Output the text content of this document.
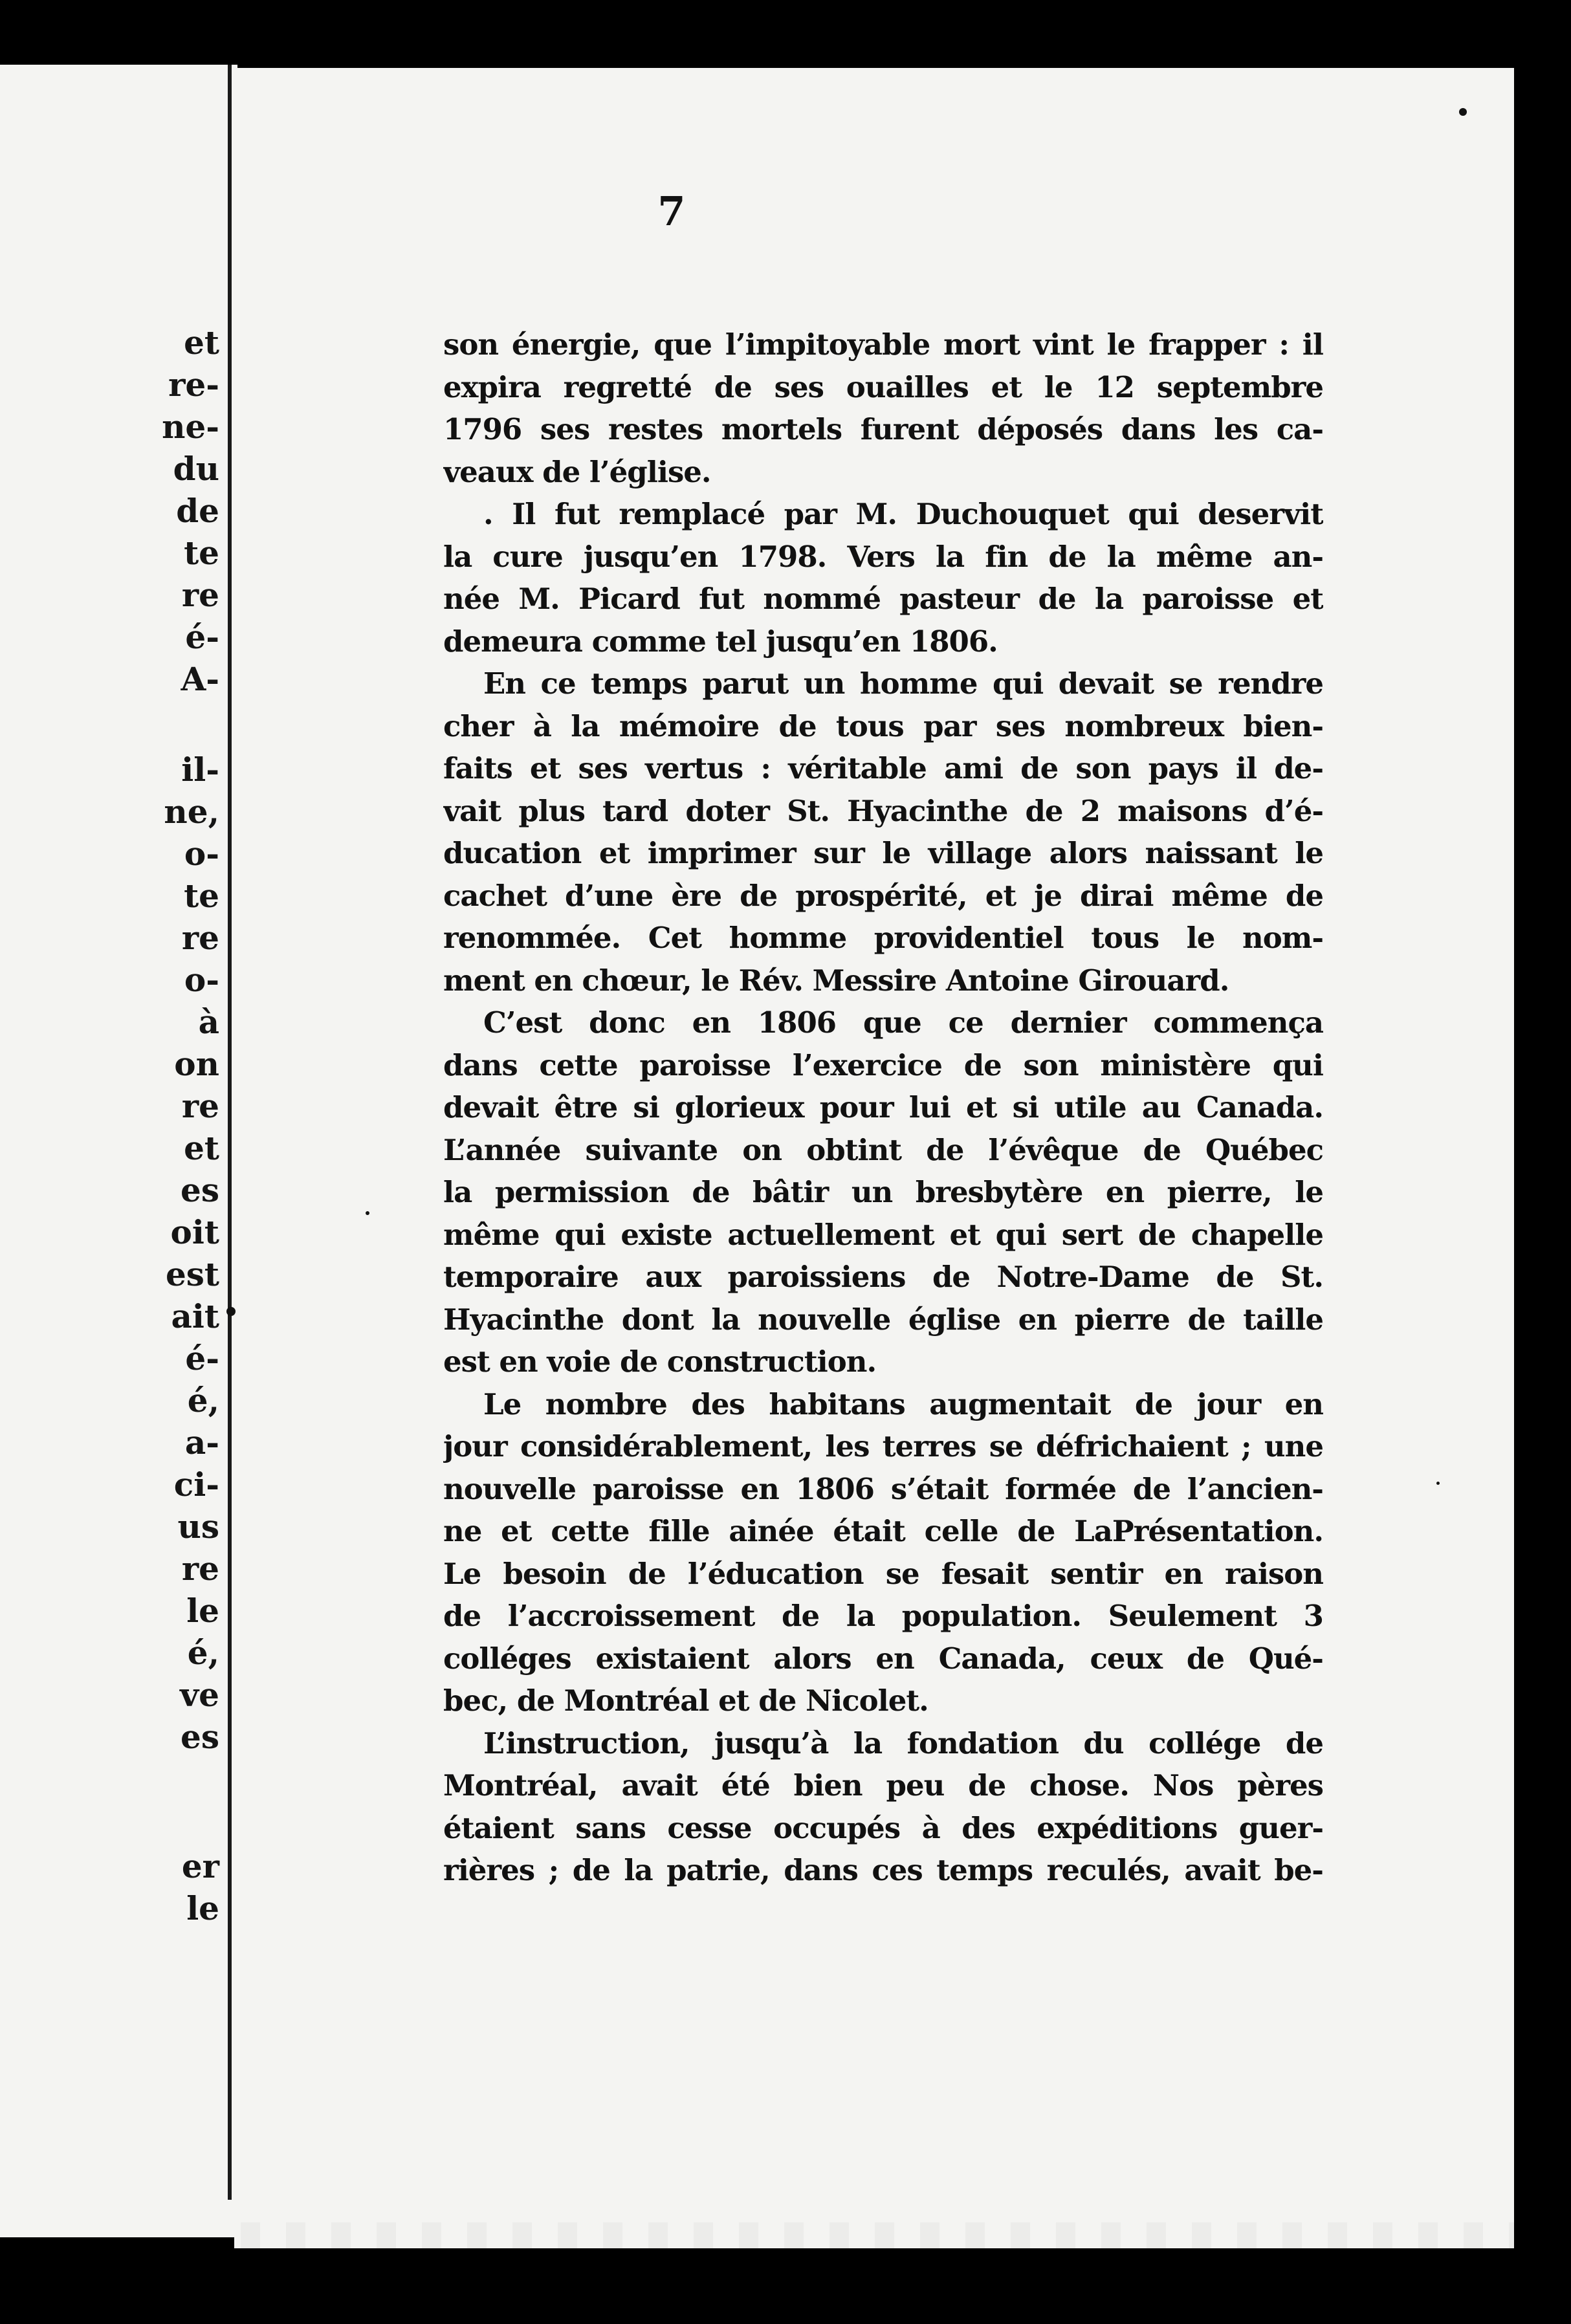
et
re-
ne-
du
de
te
re
é-
A-
il-
ne,
o-
te
re
o-
à
on
re
et
es
oit
est
ait
é-
é,
a-
ci-
us
re
le
é,
ve
es
er
le
7
son énergie, que l’impitoyable mort vint le frapper : il
expira regretté de ses ouailles et le 12 septembre
1796 ses restes mortels furent déposés dans les ca-
veaux de l’église.
. Il fut remplacé par M. Duchouquet qui deservit
la cure jusqu’en 1798. Vers la fin de la même an-
née M. Picard fut nommé pasteur de la paroisse et
demeura comme tel jusqu’en 1806.
En ce temps parut un homme qui devait se rendre
cher à la mémoire de tous par ses nombreux bien-
faits et ses vertus : véritable ami de son pays il de-
vait plus tard doter St. Hyacinthe de 2 maisons d’é-
ducation et imprimer sur le village alors naissant le
cachet d’une ère de prospérité, et je dirai même de
renommée. Cet homme providentiel tous le nom-
ment en chœur, le Rév. Messire Antoine Girouard.
C’est donc en 1806 que ce dernier commença
dans cette paroisse l’exercice de son ministère qui
devait être si glorieux pour lui et si utile au Canada.
L’année suivante on obtint de l’évêque de Québec
la permission de bâtir un bresbytère en pierre, le
même qui existe actuellement et qui sert de chapelle
temporaire aux paroissiens de Notre-Dame de St.
Hyacinthe dont la nouvelle église en pierre de taille
est en voie de construction.
Le nombre des habitans augmentait de jour en
jour considérablement, les terres se défrichaient ; une
nouvelle paroisse en 1806 s’était formée de l’ancien-
ne et cette fille ainée était celle de LaPrésentation.
Le besoin de l’éducation se fesait sentir en raison
de l’accroissement de la population. Seulement 3
colléges existaient alors en Canada, ceux de Qué-
bec, de Montréal et de Nicolet.
L’instruction, jusqu’à la fondation du collége de
Montréal, avait été bien peu de chose. Nos pères
étaient sans cesse occupés à des expéditions guer-
rières ; de la patrie, dans ces temps reculés, avait be-
